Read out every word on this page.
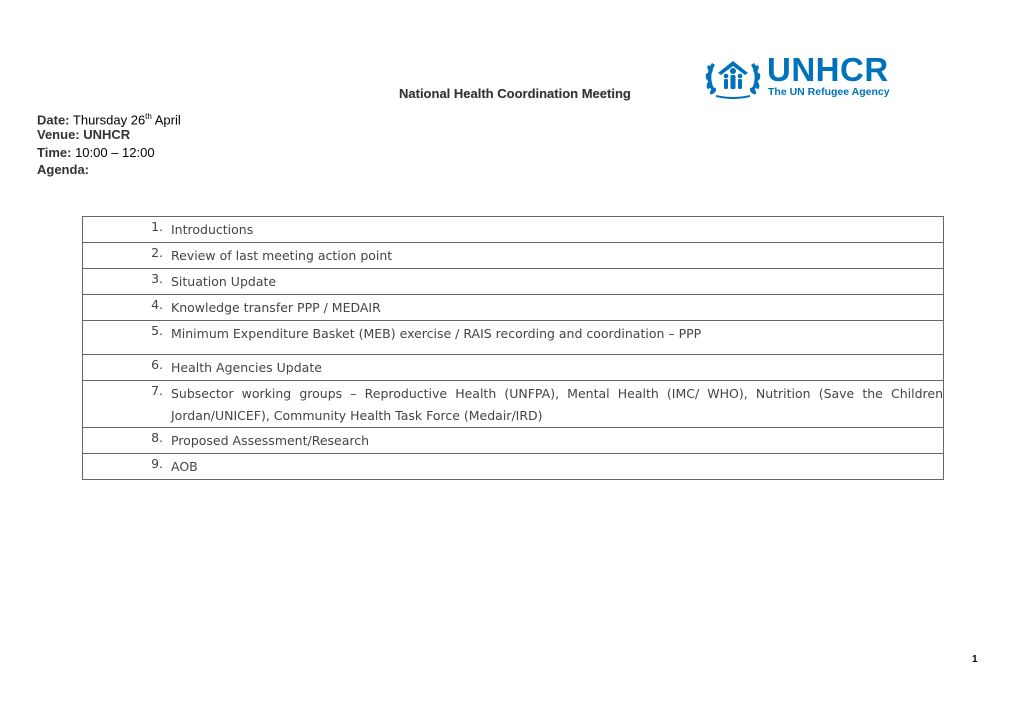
National Health Coordination Meeting
UNHCR
The UN Refugee Agency
Date: Thursday 26th April
Venue: UNHCR
Time: 10:00 – 12:00
Agenda:
1. Introductions

2. Review of last meeting action point

3. Situation Update

4. Knowledge transfer PPP / MEDAIR

5. Minimum Expenditure Basket (MEB) exercise / RAIS recording and coordination – PPP

6. Health Agencies Update

7. Subsector working groups – Reproductive Health (UNFPA), Mental Health (IMC/ WHO), Nutrition (Save the Children Jordan/UNICEF), Community Health Task Force (Medair/IRD)

8. Proposed Assessment/Research

9. AOB
1
